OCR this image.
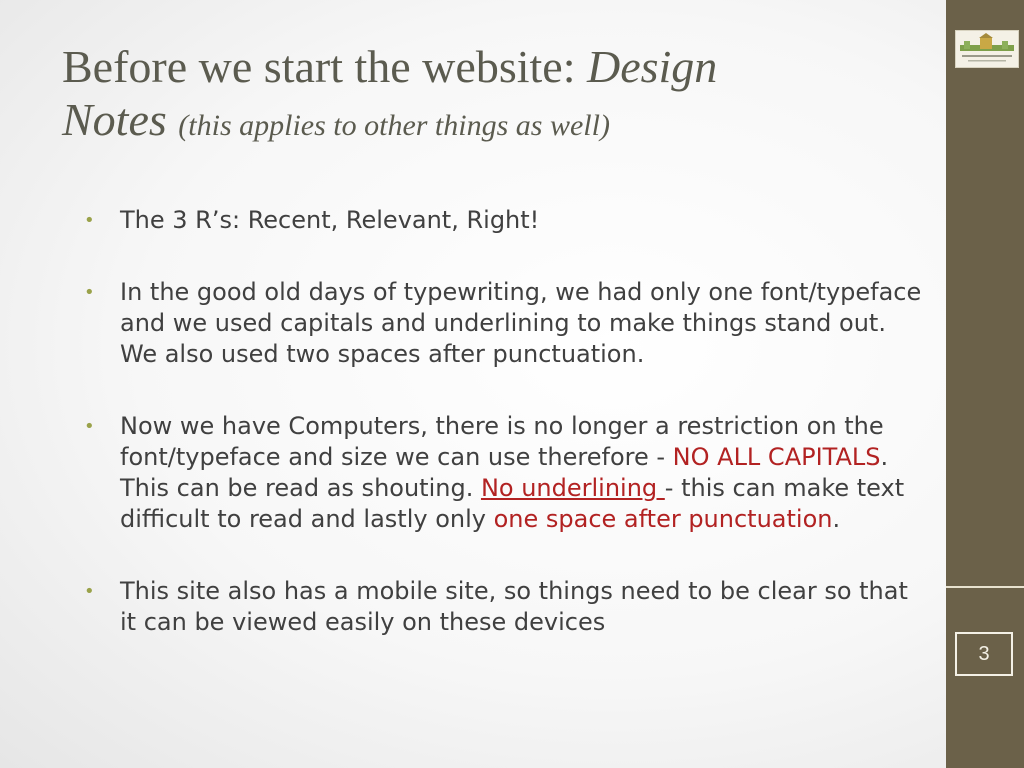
Before we start the website: Design
Notes (this applies to other things as well)
•	The 3 R’s: Recent, Relevant, Right!
•	In the good old days of typewriting, we had only one font/typeface and we used capitals and underlining to make things stand out. We also used two spaces after punctuation.
•	Now we have Computers, there is no longer a restriction on the font/typeface and size we can use therefore - NO ALL CAPITALS. This can be read as shouting. No underlining - this can make text difficult to read and lastly only one space after punctuation.
•	This site also has a mobile site, so things need to be clear so that it can be viewed easily on these devices
3
